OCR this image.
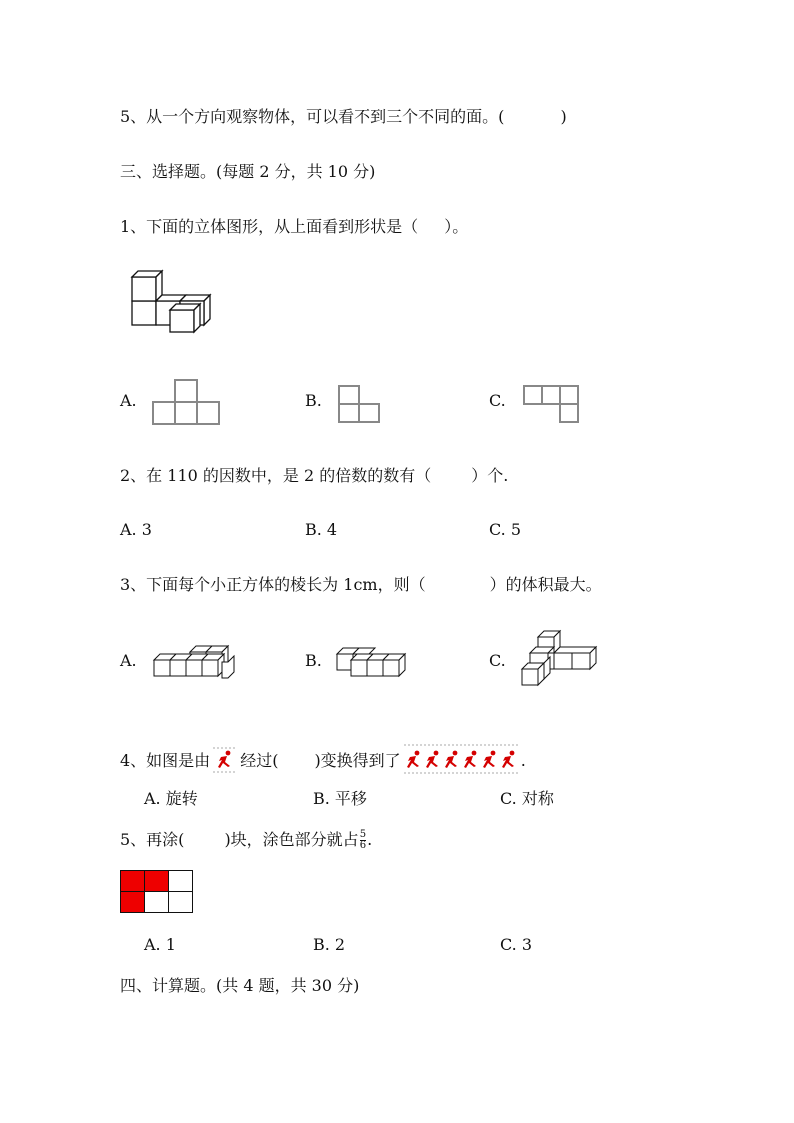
5、从一个方向观察物体，可以看不到三个不同的面。(	)
三、选择题。(每题 2 分，共 10 分)
1、下面的立体图形，从上面看到形状是（ ）。
A.	B.	C.
2、在 110 的因数中，是 2 的倍数的数有（	）个.
A. 3	B. 4	C. 5
3、下面每个小正方体的棱长为 1cm，则（	）的体积最大。
A.	B.	C.
4、如图是由 经过( )变换得到了	.
A. 旋转	B. 平移	C. 对称
5、再涂(	)块，涂色部分就占 $\frac{5}{6}$ .
A. 1	B. 2	C. 3
四、计算题。(共 4 题，共 30 分)
